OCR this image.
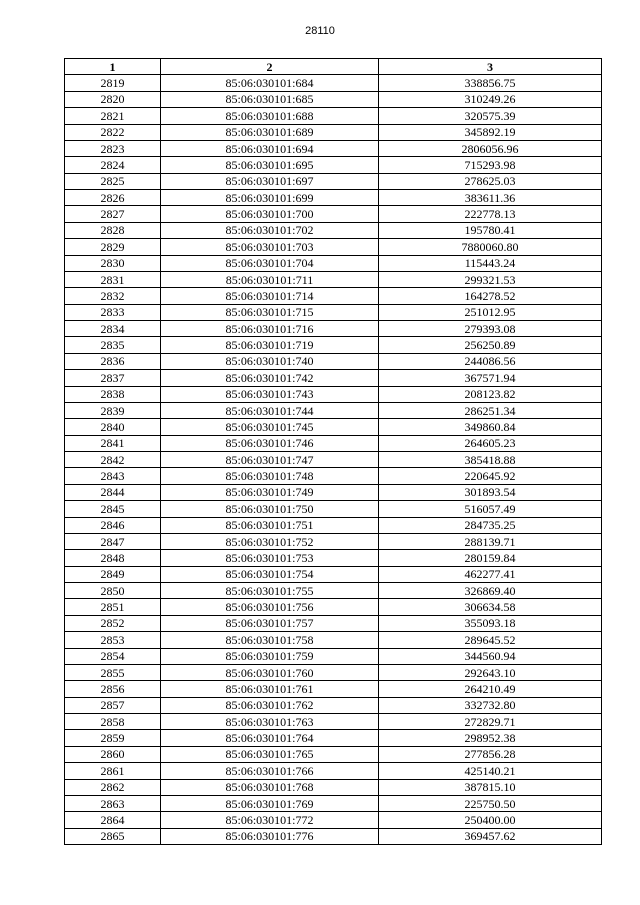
28110
1	2	3
2819	85:06:030101:684	338856.75
2820	85:06:030101:685	310249.26
2821	85:06:030101:688	320575.39
2822	85:06:030101:689	345892.19
2823	85:06:030101:694	2806056.96
2824	85:06:030101:695	715293.98
2825	85:06:030101:697	278625.03
2826	85:06:030101:699	383611.36
2827	85:06:030101:700	222778.13
2828	85:06:030101:702	195780.41
2829	85:06:030101:703	7880060.80
2830	85:06:030101:704	115443.24
2831	85:06:030101:711	299321.53
2832	85:06:030101:714	164278.52
2833	85:06:030101:715	251012.95
2834	85:06:030101:716	279393.08
2835	85:06:030101:719	256250.89
2836	85:06:030101:740	244086.56
2837	85:06:030101:742	367571.94
2838	85:06:030101:743	208123.82
2839	85:06:030101:744	286251.34
2840	85:06:030101:745	349860.84
2841	85:06:030101:746	264605.23
2842	85:06:030101:747	385418.88
2843	85:06:030101:748	220645.92
2844	85:06:030101:749	301893.54
2845	85:06:030101:750	516057.49
2846	85:06:030101:751	284735.25
2847	85:06:030101:752	288139.71
2848	85:06:030101:753	280159.84
2849	85:06:030101:754	462277.41
2850	85:06:030101:755	326869.40
2851	85:06:030101:756	306634.58
2852	85:06:030101:757	355093.18
2853	85:06:030101:758	289645.52
2854	85:06:030101:759	344560.94
2855	85:06:030101:760	292643.10
2856	85:06:030101:761	264210.49
2857	85:06:030101:762	332732.80
2858	85:06:030101:763	272829.71
2859	85:06:030101:764	298952.38
2860	85:06:030101:765	277856.28
2861	85:06:030101:766	425140.21
2862	85:06:030101:768	387815.10
2863	85:06:030101:769	225750.50
2864	85:06:030101:772	250400.00
2865	85:06:030101:776	369457.62
